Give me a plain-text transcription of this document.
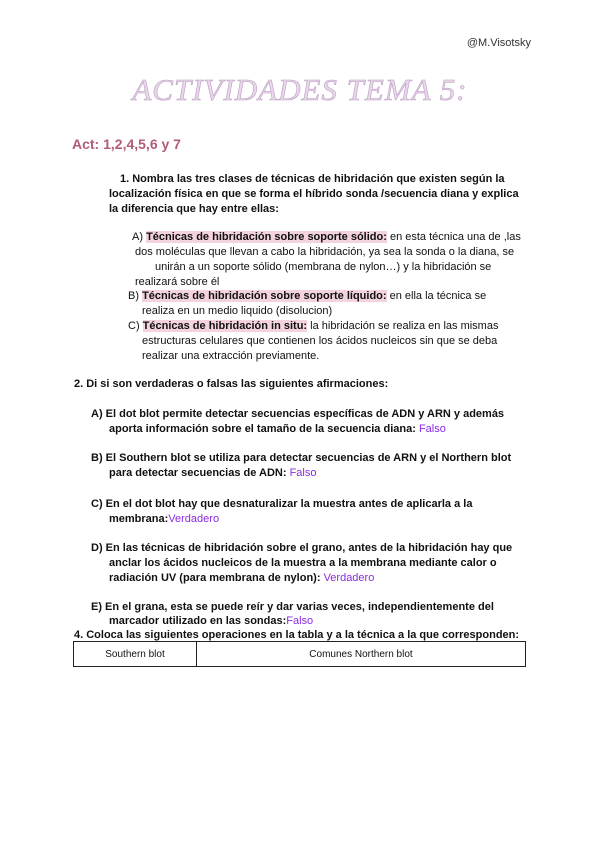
@M.Visotsky
ACTIVIDADES TEMA 5:
Act: 1,2,4,5,6 y 7
1. Nombra las tres clases de técnicas de hibridación que existen según la
localización física en que se forma el híbrido sonda /secuencia diana y explica
la diferencia que hay entre ellas:
A) Técnicas de hibridación sobre soporte sólido: en esta técnica una de ,las
dos moléculas que llevan a cabo la hibridación, ya sea la sonda o la diana, se
unirán a un soporte sólido (membrana de nylon…) y la hibridación se
realizará sobre él
B) Técnicas de hibridación sobre soporte líquido: en ella la técnica se
realiza en un medio liquido (disolucion)
C) Técnicas de hibridación in situ: la hibridación se realiza en las mismas
estructuras celulares que contienen los ácidos nucleicos sin que se deba
realizar una extracción previamente.
2. Di si son verdaderas o falsas las siguientes afirmaciones:
A) El dot blot permite detectar secuencias específicas de ADN y ARN y además
aporta información sobre el tamaño de la secuencia diana: Falso
B) El Southern blot se utiliza para detectar secuencias de ARN y el Northern blot
para detectar secuencias de ADN: Falso
C) En el dot blot hay que desnaturalizar la muestra antes de aplicarla a la
membrana:Verdadero
D) En las técnicas de hibridación sobre el grano, antes de la hibridación hay que
anclar los ácidos nucleicos de la muestra a la membrana mediante calor o
radiación UV (para membrana de nylon): Verdadero
E) En el grana, esta se puede reír y dar varias veces, independientemente del
marcador utilizado en las sondas:Falso
4. Coloca las siguientes operaciones en la tabla y a la técnica a la que corresponden:
Southern blot	Comunes Northern blot
